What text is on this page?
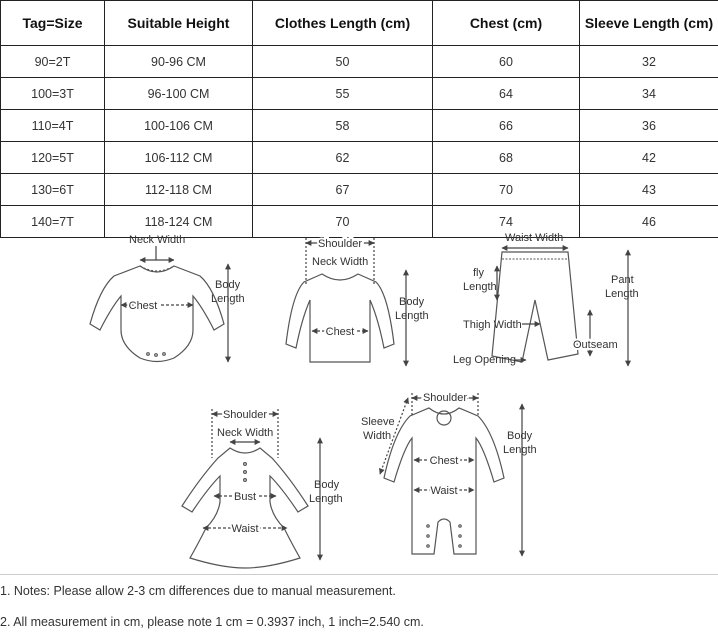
Tag=Size	Suitable Height	Clothes Length (cm)	Chest (cm)	Sleeve Length (cm)
90=2T	90-96 CM	50	60	32
100=3T	96-100 CM	55	64	34
110=4T	100-106 CM	58	66	36
120=5T	106-112 CM	62	68	42
130=6T	112-118 CM	67	70	43
140=7T	118-124 CM	70	74	46
Neck Width
Body
Length
Chest
Shoulder
Neck Width
Body
Length
Chest
Waist Width
fly
Length
Pant
Length
Thigh Width
Outseam
Leg Opening
Shoulder
Neck Width
Body
Length
Bust
Waist
Shoulder
Sleeve
Width	Body
Length
Chest
Waist
1. Notes: Please allow 2-3 cm differences due to manual measurement.
2. All measurement in cm, please note 1 cm = 0.3937 inch, 1 inch=2.540 cm.
